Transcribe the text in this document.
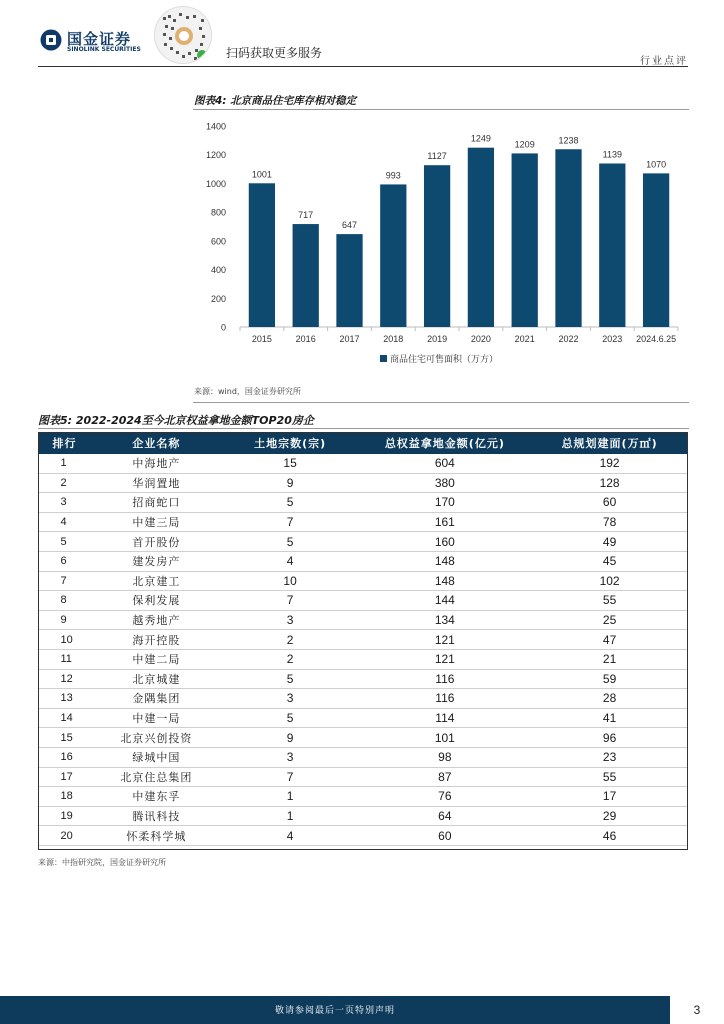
国金证券
SINOLINK SECURITIES	扫码获取更多服务
行业点评
图表4: 北京商品住宅库存相对稳定
0
200
400
600
800
1000
1200
1400
1001
2015
717
2016
647
2017
993
2018
1127
2019
1249
2020
1209
2021
1238
2022
1139
2023
1070
2024.6.25
商品住宅可售面积（万方）
来源：wind，国金证券研究所
图表5: 2022-2024至今北京权益拿地金额TOP20房企
排行	企业名称	土地宗数(宗)	总权益拿地金额(亿元)	总规划建面(万㎡)
1	中海地产	15	604	192
2	华润置地	9	380	128
3	招商蛇口	5	170	60
4	中建三局	7	161	78
5	首开股份	5	160	49
6	建发房产	4	148	45
7	北京建工	10	148	102
8	保利发展	7	144	55
9	越秀地产	3	134	25
10	海开控股	2	121	47
11	中建二局	2	121	21
12	北京城建	5	116	59
13	金隅集团	3	116	28
14	中建一局	5	114	41
15	北京兴创投资	9	101	96
16	绿城中国	3	98	23
17	北京住总集团	7	87	55
18	中建东孚	1	76	17
19	腾讯科技	1	64	29
20	怀柔科学城	4	60	46
来源：中指研究院，国金证券研究所
敬请参阅最后一页特别声明	3
